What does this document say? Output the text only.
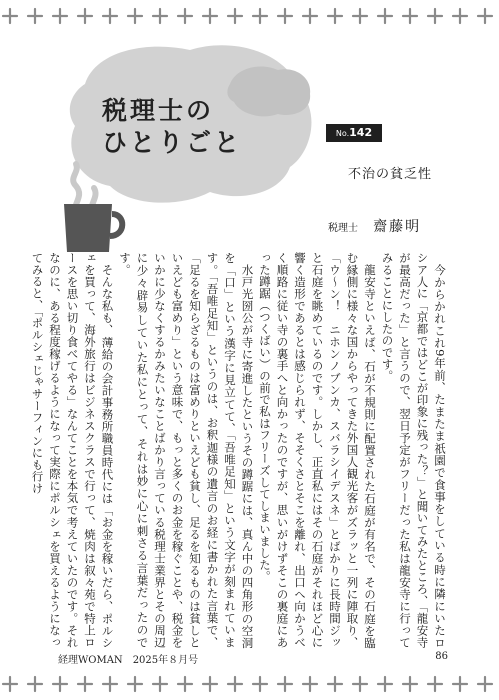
税理士の
ひとりごと	No.142
不治の貧乏性
税理士 齋藤明

今からかれこれ9年前、たまたま祇園で食事をしている時に隣にいたロシア人に「京都ではどこが印象に残った？」と聞いてみたところ、「龍安寺が最高だった」と言うので、翌日予定がフリーだった私は龍安寺に行ってみることにしたのです。

龍安寺といえば、石が不規則に配置された石庭が有名で、その石庭を臨む縁側に様々な国からやってきた外国人観光客がズラッと一列に陣取り、「ウ〜ン！　ニホンノブンカ、スバラシイデスネ」とばかりに長時間ジッと石庭を眺めているのです。しかし、正直私にはその石庭がそれほど心に響く造形であるとは感じられず、そそくさとそこを離れ、出口へ向かうべく順路に従い寺の裏手へと向かったのですが、思いがけずそこの裏庭にあった蹲踞（つくばい）の前で私はフリーズしてしまいました。

水戸光圀公が寺に寄進したというその蹲踞には、真ん中の四角形の空洞を「口」という漢字に見立てて、「吾唯足知」という文字が刻まれています。「吾唯足知」というのは、お釈迦様の遺言のお経に書かれた言葉で、「足るを知らざるものは富めりといえども貧し、足るを知るものは貧しといえども富めり」という意味で、もっと多くのお金を稼ぐことや、税金をいかに少なくするかみたいなことばかり言っている税理士業界とその周辺に少々辟易していた私にとって、それは妙に心に刺さる言葉だったのです。

そんな私も、薄給の会計事務所職員時代には「お金を稼いだら、ポルシェを買って、海外旅行はビジネスクラスで行って、焼肉は叙々苑で特上ロースを思い切り食べてやる」なんてことを本気で考えていたのです。それなのに、ある程度稼げるようになって実際にポルシェを買えるようになってみると、「ポルシェじゃサーフィンにも行け

経理WOMAN　 2025年８月号	86
